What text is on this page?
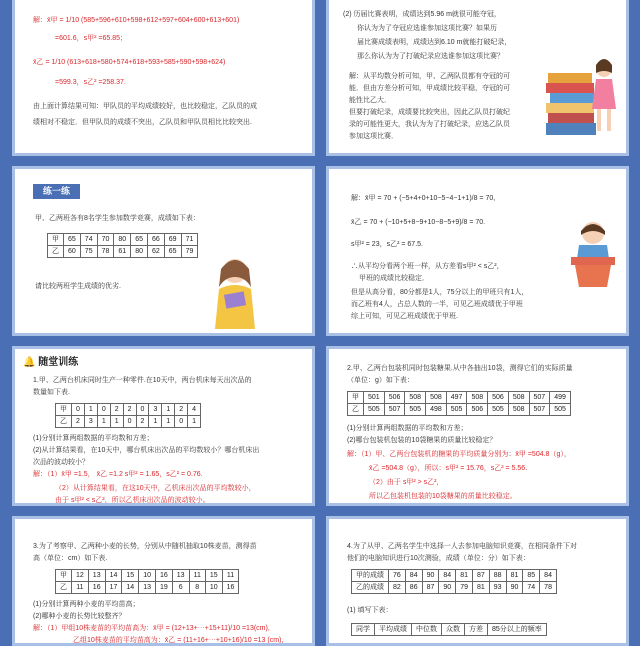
解：x̄甲 = 1/10 (585+596+610+598+612+597+604+600+613+601)
=601.6，s甲² =65.85；
x̄乙 = 1/10 (613+618+580+574+618+593+585+590+598+624)
=599.3，s乙² =258.37.
由上面计算结果可知：甲队员的平均成绩较好，也比较稳定，乙队员的成
绩相对不稳定．但甲队员的成绩不突出，乙队员和甲队员相比比较突出.
(2) 历届比赛表明，成绩达到5.96 m就很可能夺冠，
你认为为了夺冠应选谁参加这项比赛？如果历
届比赛成绩表明，成绩达到6.10 m就能打破纪录，
那么你认为为了打破纪录应选谁参加这项比赛？
解：从平均数分析可知，甲、乙两队员都有夺冠的可
能．但由方差分析可知，甲成绩比较平稳，夺冠的可
能性比乙大．
但要打破纪录，成绩要比较突出，因此乙队员打破纪
录的可能性更大，我认为为了打破纪录，应选乙队员
参加这项比赛．
练一练
甲、乙两班各有8名学生参加数学竞赛，成绩如下表：
甲	65	74	70	80	65	66	69	71
乙	60	75	78	61	80	62	65	79
请比较两班学生成绩的优劣.
解：x̄甲 = 70 + (−5+4+0+10−5−4−1+1)/8 = 70,
x̄乙 = 70 + (−10+5+8−9+10−8−5+9)/8 = 70.
s甲² = 23，s乙² = 67.5.
∴从平均分看两个班一样，从方差看s甲² < s乙²，
甲班的成绩比较稳定．
但是从高分看，80分都是1人，75分以上的甲班只有1人，
而乙班有4人，占总人数的一半，可见乙班成绩优于甲班
综上可知，可见乙班成绩优于甲班.
🔔 随堂训练
1.甲、乙两台机床同时生产一种零件.在10天中，两台机床每天出次品的
数量如下表.
甲	0	1	0	2	2	0	3	1	2	4
乙	2	3	1	1	0	2	1	1	0	1
(1)分别计算两组数据的平均数和方差；
(2)从计算结果看，在10天中，哪台机床出次品的平均数较小？哪台机床出
次品的波动较小？
解：（1）x̄甲 =1.5， x̄乙 =1.2 s甲² = 1.65，s乙² = 0.76.
（2）从计算结果看，在这10天中，乙机床出次品的平均数较小，
由于 s甲² < s乙²，所以乙机床出次品的波动较小。
2.甲、乙两台包装机同时包装糖果.从中各抽出10袋，测得它们的实际质量
（单位：g）如下表：
甲	501	506	508	508	497	508	506	508	507	499
乙	505	507	505	498	505	506	505	508	507	505
(1)分别计算两组数据的平均数和方差；
(2)哪台包装机包装的10袋糖果的质量比较稳定？
解：（1）甲、乙两台包装机的糖果的平均质量分别为：x̄甲 =504.8（g），
x̄乙 =504.8（g），所以：s甲² = 15.76，s乙² = 5.56.
（2）由于 s甲² > s乙²，
所以乙包装机包装的10袋糖果的质量比较稳定。
3.为了考察甲、乙两种小麦的长势，分别从中随机抽取10株麦苗，测得苗
高（单位：cm）如下表.
甲	12	13	14	15	10	16	13	11	15	11
乙	11	16	17	14	13	19	6	8	10	16
(1)分别计算两种小麦的平均苗高；
(2)哪种小麦的长势比较整齐？
解：（1）甲组10株麦苗的平均苗高为：x̄甲 = (12+13+⋯+15+11)/10 =13(cm),
乙组10株麦苗的平均苗高为：x̄乙 = (11+16+⋯+10+16)/10 =13 (cm),
4.为了从甲、乙两名学生中选择一人去参加电脑知识竞赛，在相同条件下对
他们的电脑知识进行10次测验，成绩（单位：分）如下表：
甲的成绩	76	84	90	84	81	87	88	81	85	84
乙的成绩	82	86	87	90	79	81	93	90	74	78
(1) 填写下表：
同学	平均成绩	中位数	众数	方差	85分以上的频率
